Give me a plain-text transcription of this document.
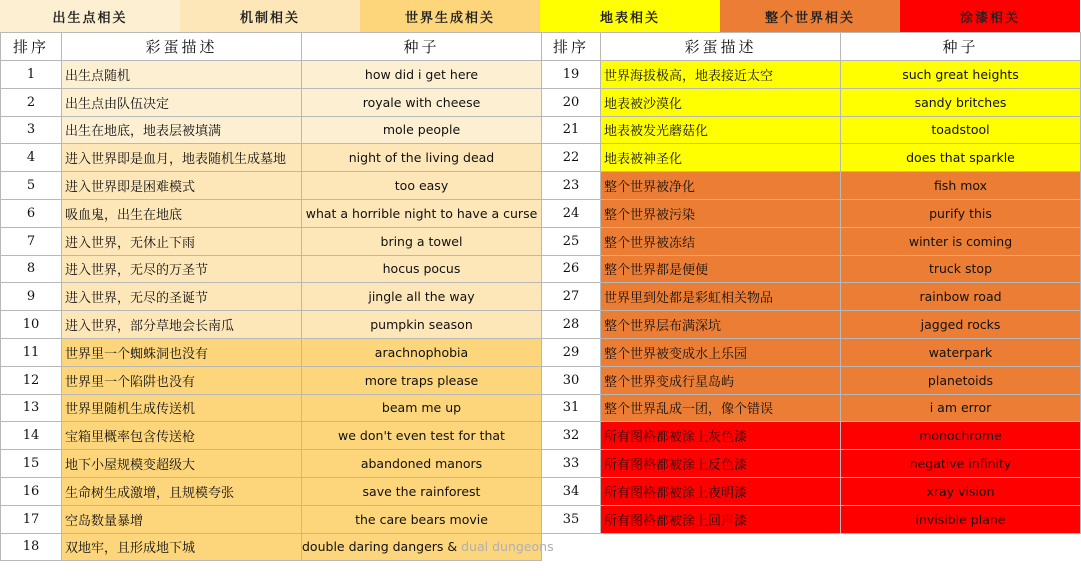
出生点相关	机制相关	世界生成相关	地表相关	整个世界相关	涂漆相关
排序	彩蛋描述	种子
1	出生点随机	how did i get here
2	出生点由队伍决定	royale with cheese
3	出生在地底，地表层被填满	mole people
4	进入世界即是血月，地表随机生成墓地	night of the living dead
5	进入世界即是困难模式	too easy
6	吸血鬼，出生在地底	what a horrible night to have a curse
7	进入世界，无休止下雨	bring a towel
8	进入世界，无尽的万圣节	hocus pocus
9	进入世界，无尽的圣诞节	jingle all the way
10	进入世界，部分草地会长南瓜	pumpkin season
11	世界里一个蜘蛛洞也没有	arachnophobia
12	世界里一个陷阱也没有	more traps please
13	世界里随机生成传送机	beam me up
14	宝箱里概率包含传送枪	we don't even test for that
15	地下小屋规模变超级大	abandoned manors
16	生命树生成激增，且规模夸张	save the rainforest
17	空岛数量暴增	the care bears movie
18	双地牢，且形成地下城	double daring dangers & dual dungeons
排序	彩蛋描述	种子
19	世界海拔极高，地表接近太空	such great heights
20	地表被沙漠化	sandy britches
21	地表被发光蘑菇化	toadstool
22	地表被神圣化	does that sparkle
23	整个世界被净化	fish mox
24	整个世界被污染	purify this
25	整个世界被冻结	winter is coming
26	整个世界都是便便	truck stop
27	世界里到处都是彩虹相关物品	rainbow road
28	整个世界层布满深坑	jagged rocks
29	整个世界被变成水上乐园	waterpark
30	整个世界变成行星岛屿	planetoids
31	整个世界乱成一团，像个错误	i am error
32	所有图格都被涂上灰色漆	monochrome
33	所有图格都被涂上反色漆	negative infinity
34	所有图格都被涂上夜明漆	xray vision
35	所有图格都被涂上回声漆	invisible plane
